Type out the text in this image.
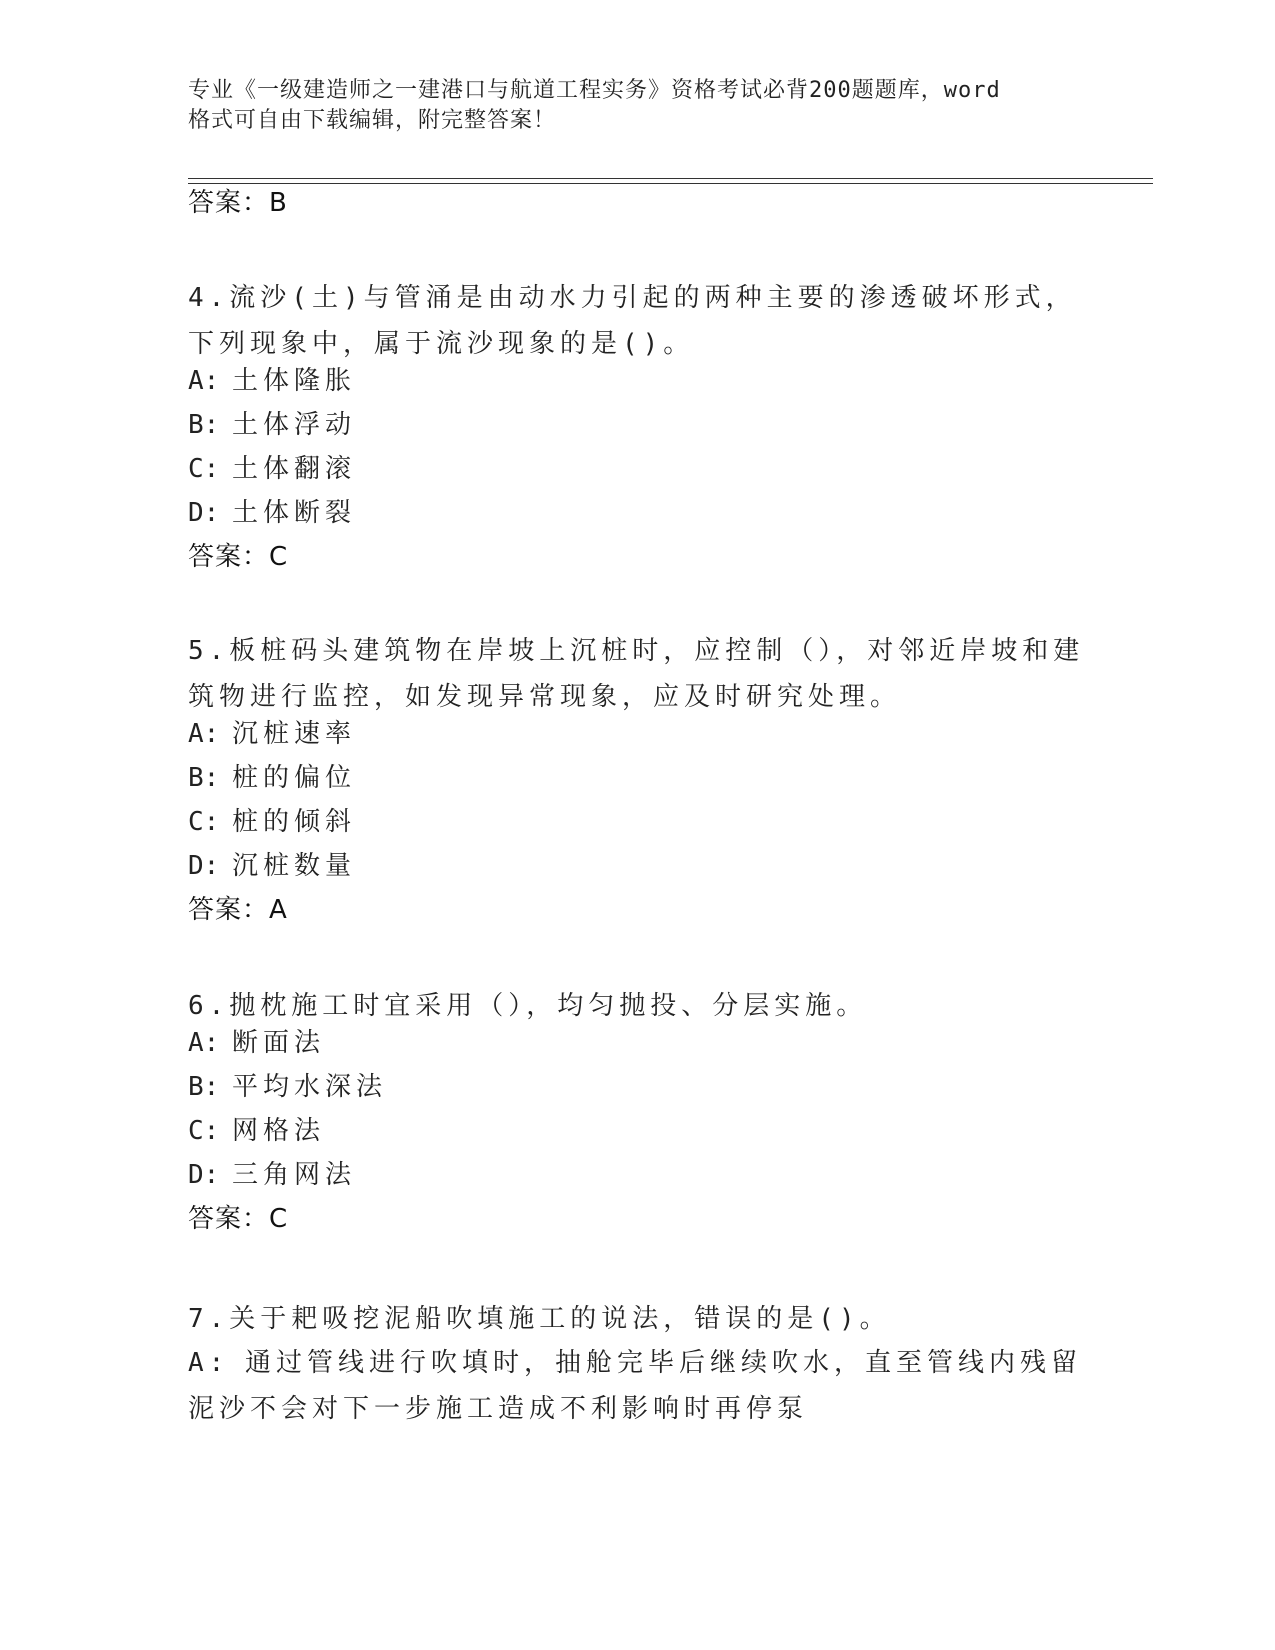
专业《一级建造师之一建港口与航道工程实务》资格考试必背200题题库，word
格式可自由下载编辑，附完整答案！
答案：B
4.流沙(土)与管涌是由动水力引起的两种主要的渗透破坏形式，下列现象中，属于流沙现象的是()。
A: 土体隆胀
B: 土体浮动
C: 土体翻滚
D: 土体断裂
答案：C
5.板桩码头建筑物在岸坡上沉桩时，应控制（），对邻近岸坡和建筑物进行监控，如发现异常现象，应及时研究处理。
A: 沉桩速率
B: 桩的偏位
C: 桩的倾斜
D: 沉桩数量
答案：A
6.抛枕施工时宜采用（），均匀抛投、分层实施。
A: 断面法
B: 平均水深法
C: 网格法
D: 三角网法
答案：C
7.关于耙吸挖泥船吹填施工的说法，错误的是()。
A: 通过管线进行吹填时，抽舱完毕后继续吹水，直至管线内残留泥沙不会对下一步施工造成不利影响时再停泵
